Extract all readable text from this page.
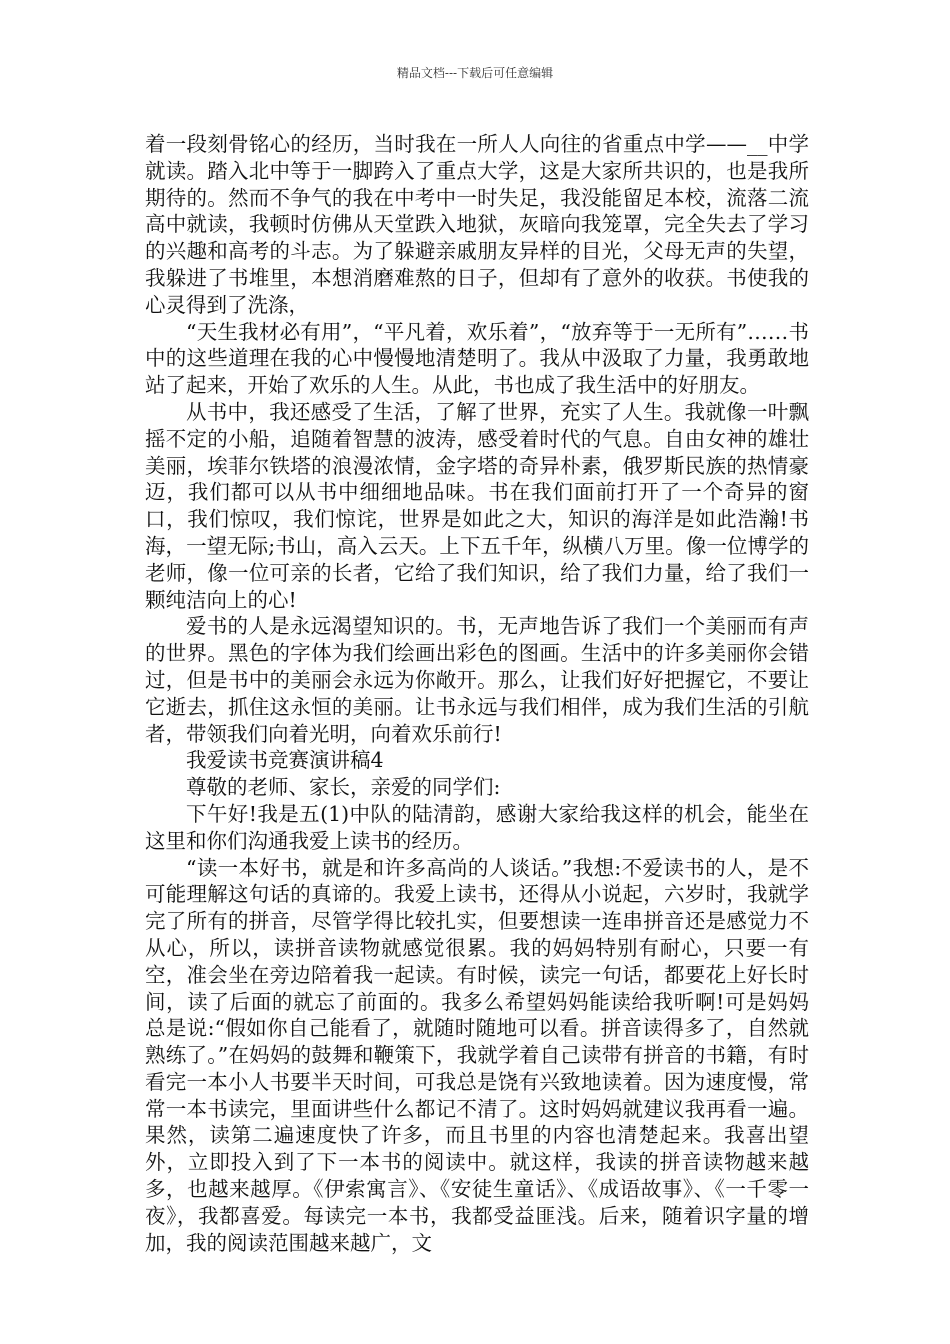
精品文档---下载后可任意编辑

着一段刻骨铭心的经历，当时我在一所人人向往的省重点中学——__中学就读。踏入北中等于一脚跨入了重点大学，这是大家所共识的，也是我所期待的。然而不争气的我在中考中一时失足，我没能留足本校，流落二流高中就读，我顿时仿佛从天堂跌入地狱，灰暗向我笼罩，完全失去了学习的兴趣和高考的斗志。为了躲避亲戚朋友异样的目光，父母无声的失望，我躲进了书堆里，本想消磨难熬的日子，但却有了意外的收获。书使我的心灵得到了洗涤，

“天生我材必有用”，“平凡着，欢乐着”，“放弃等于一无所有”……书中的这些道理在我的心中慢慢地清楚明了。我从中汲取了力量，我勇敢地站了起来，开始了欢乐的人生。从此，书也成了我生活中的好朋友。

从书中，我还感受了生活，了解了世界，充实了人生。我就像一叶飘摇不定的小船，追随着智慧的波涛，感受着时代的气息。自由女神的雄壮美丽，埃菲尔铁塔的浪漫浓情，金字塔的奇异朴素，俄罗斯民族的热情豪迈，我们都可以从书中细细地品味。书在我们面前打开了一个奇异的窗口，我们惊叹，我们惊诧，世界是如此之大，知识的海洋是如此浩瀚!书海，一望无际;书山，高入云天。上下五千年，纵横八万里。像一位博学的老师，像一位可亲的长者，它给了我们知识，给了我们力量，给了我们一颗纯洁向上的心!

爱书的人是永远渴望知识的。书，无声地告诉了我们一个美丽而有声的世界。黑色的字体为我们绘画出彩色的图画。生活中的许多美丽你会错过，但是书中的美丽会永远为你敞开。那么，让我们好好把握它，不要让它逝去，抓住这永恒的美丽。让书永远与我们相伴，成为我们生活的引航者，带领我们向着光明，向着欢乐前行!

我爱读书竞赛演讲稿4

尊敬的老师、家长，亲爱的同学们:

下午好!我是五(1)中队的陆清韵，感谢大家给我这样的机会，能坐在这里和你们沟通我爱上读书的经历。

“读一本好书，就是和许多高尚的人谈话。”我想:不爱读书的人，是不可能理解这句话的真谛的。我爱上读书，还得从小说起，六岁时，我就学完了所有的拼音，尽管学得比较扎实，但要想读一连串拼音还是感觉力不从心，所以，读拼音读物就感觉很累。我的妈妈特别有耐心，只要一有空，准会坐在旁边陪着我一起读。有时候，读完一句话，都要花上好长时间，读了后面的就忘了前面的。我多么希望妈妈能读给我听啊!可是妈妈总是说:“假如你自己能看了，就随时随地可以看。拼音读得多了，自然就熟练了。”在妈妈的鼓舞和鞭策下，我就学着自己读带有拼音的书籍，有时看完一本小人书要半天时间，可我总是饶有兴致地读着。因为速度慢，常常一本书读完，里面讲些什么都记不清了。这时妈妈就建议我再看一遍。果然，读第二遍速度快了许多，而且书里的内容也清楚起来。我喜出望外，立即投入到了下一本书的阅读中。就这样，我读的拼音读物越来越多，也越来越厚。《伊索寓言》、《安徒生童话》、《成语故事》、《一千零一夜》，我都喜爱。每读完一本书，我都受益匪浅。后来，随着识字量的增加，我的阅读范围越来越广，文
